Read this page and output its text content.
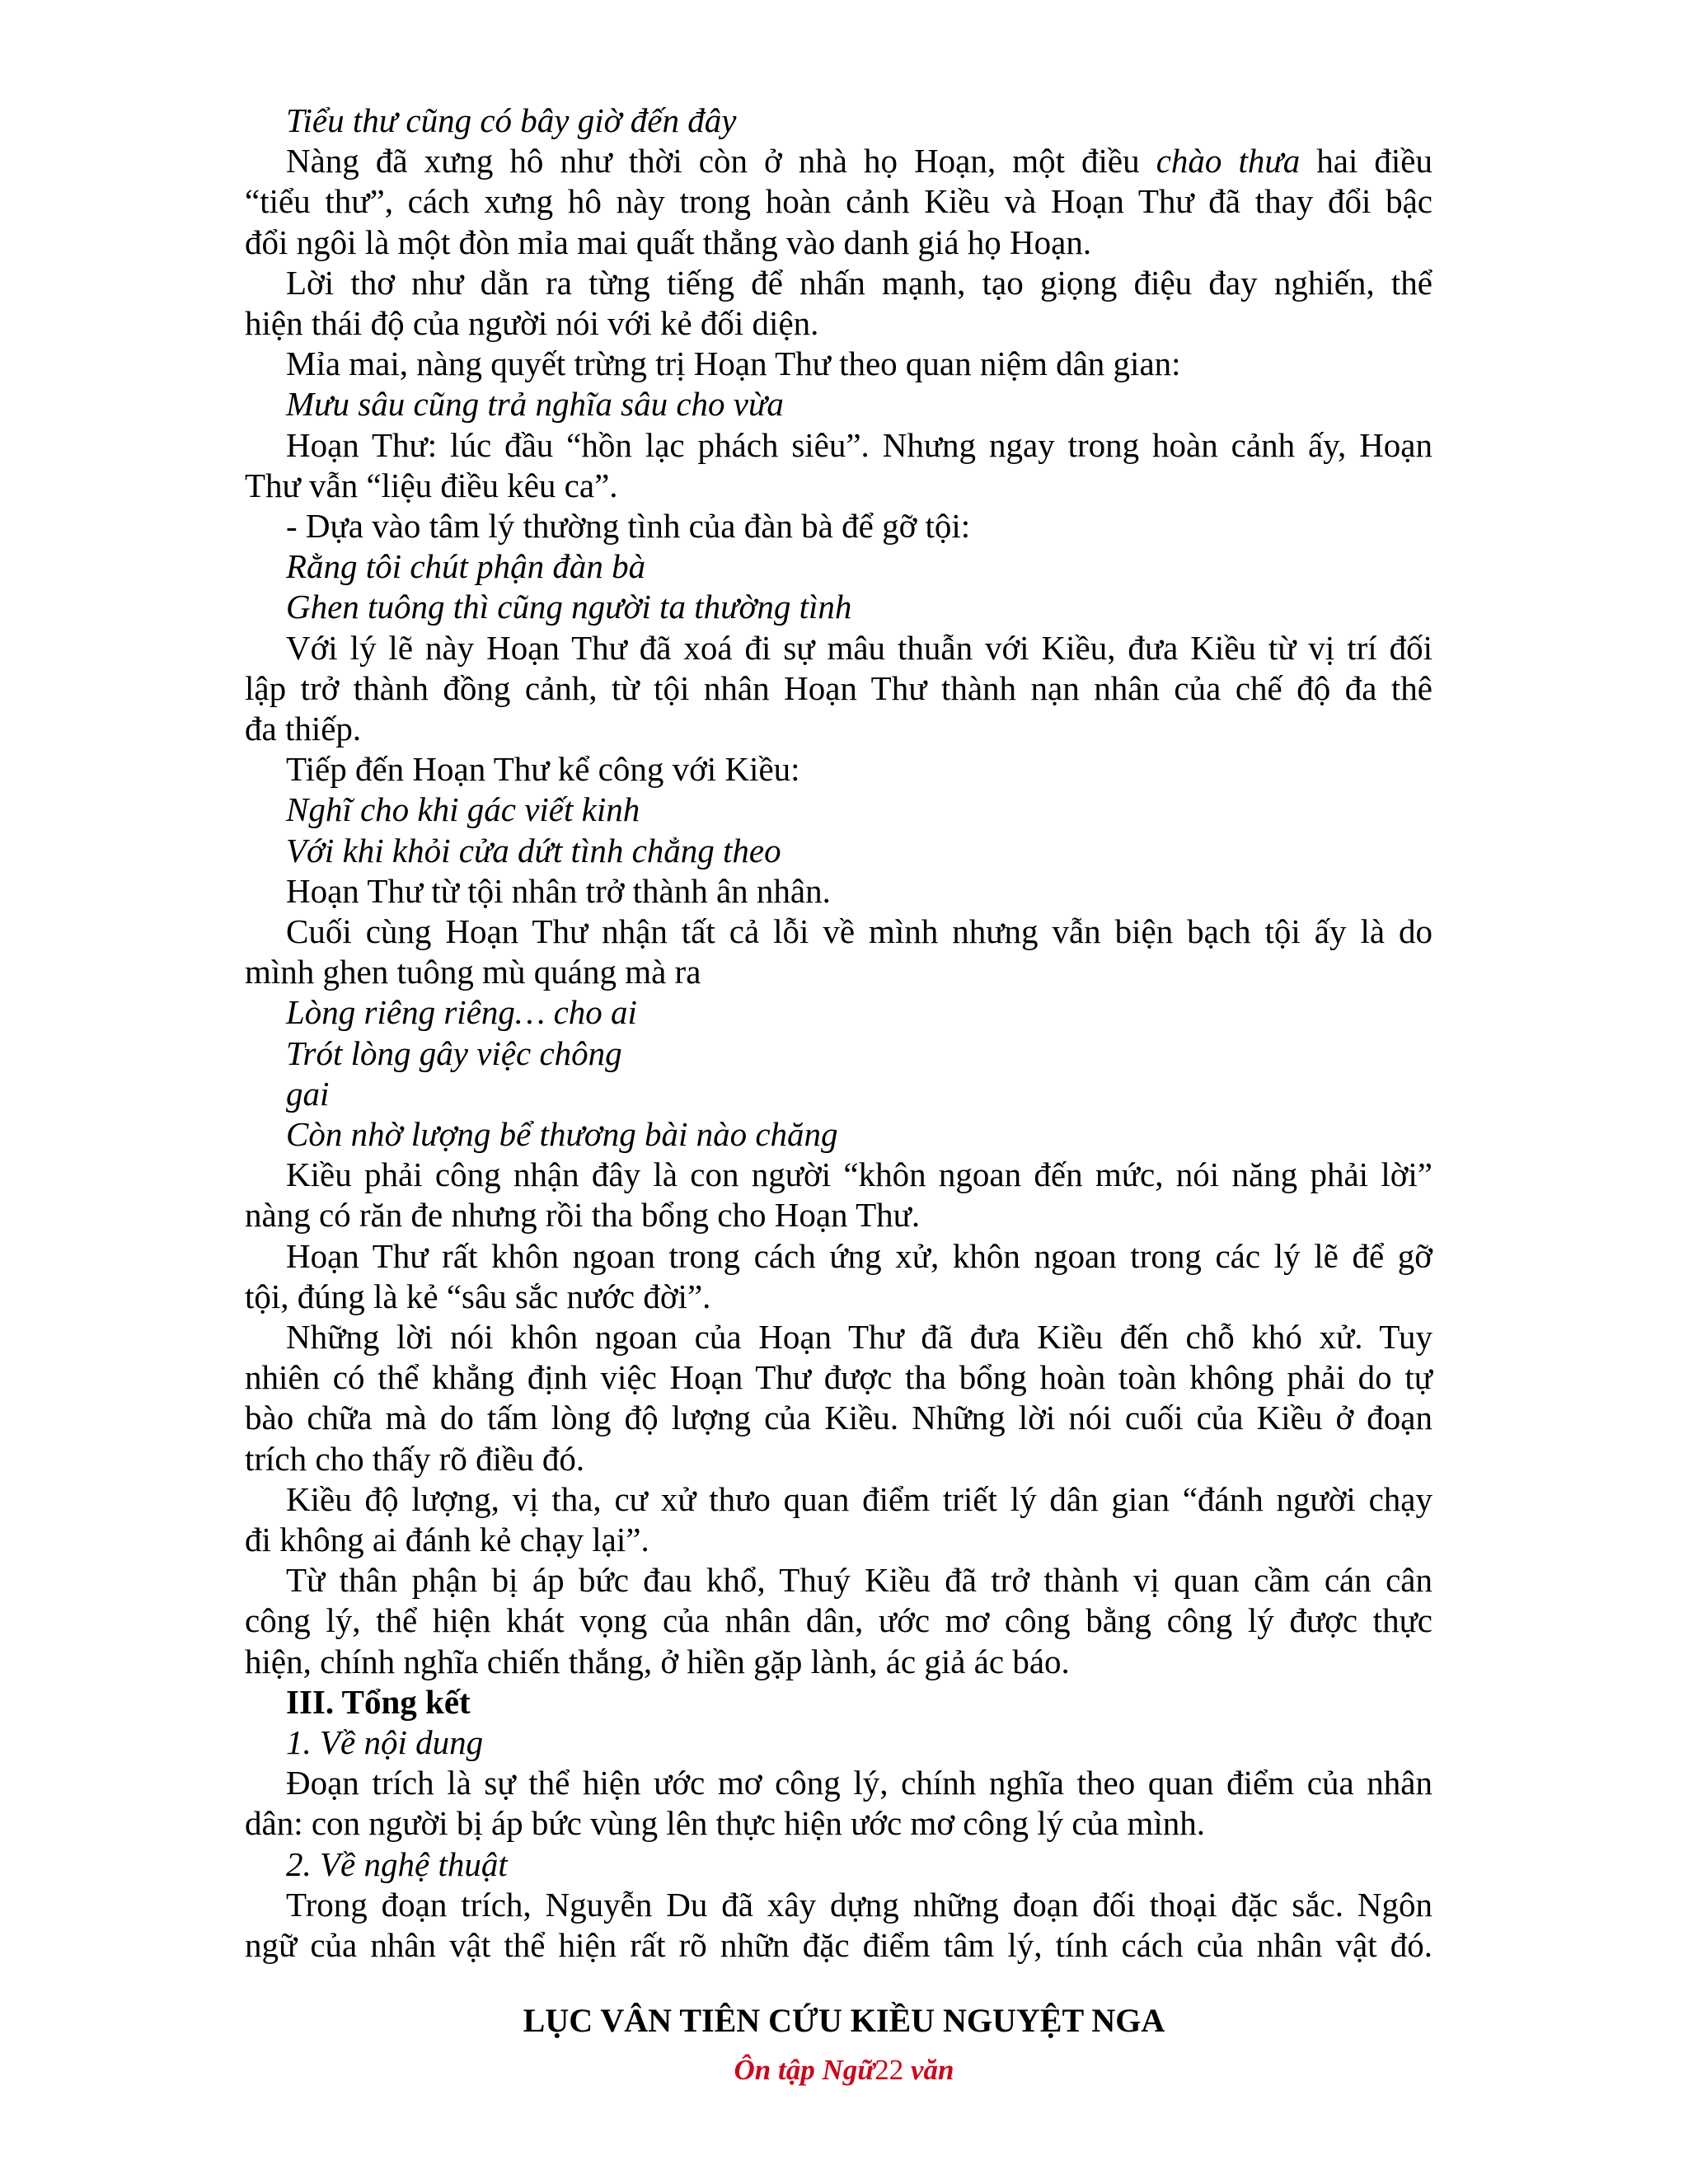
Tiểu thư cũng có bây giờ đến đây
Nàng đã xưng hô như thời còn ở nhà họ Hoạn, một điều chào thưa hai điều
“tiểu thư”, cách xưng hô này trong hoàn cảnh Kiều và Hoạn Thư đã thay đổi bậc
đổi ngôi là một đòn mỉa mai quất thẳng vào danh giá họ Hoạn.
Lời thơ như dằn ra từng tiếng để nhấn mạnh, tạo giọng điệu đay nghiến, thể
hiện thái độ của người nói với kẻ đối diện.
Mỉa mai, nàng quyết trừng trị Hoạn Thư theo quan niệm dân gian:
Mưu sâu cũng trả nghĩa sâu cho vừa
Hoạn Thư: lúc đầu “hồn lạc phách siêu”. Nhưng ngay trong hoàn cảnh ấy, Hoạn
Thư vẫn “liệu điều kêu ca”.
- Dựa vào tâm lý thường tình của đàn bà để gỡ tội:
Rằng tôi chút phận đàn bà
Ghen tuông thì cũng người ta thường tình
Với lý lẽ này Hoạn Thư đã xoá đi sự mâu thuẫn với Kiều, đưa Kiều từ vị trí đối
lập trở thành đồng cảnh, từ tội nhân Hoạn Thư thành nạn nhân của chế độ đa thê
đa thiếp.
Tiếp đến Hoạn Thư kể công với Kiều:
Nghĩ cho khi gác viết kinh
Với khi khỏi cửa dứt tình chẳng theo
Hoạn Thư từ tội nhân trở thành ân nhân.
Cuối cùng Hoạn Thư nhận tất cả lỗi về mình nhưng vẫn biện bạch tội ấy là do
mình ghen tuông mù quáng mà ra
Lòng riêng riêng… cho ai
Trót lòng gây việc chông
gai
Còn nhờ lượng bể thương bài nào chăng
Kiều phải công nhận đây là con người “khôn ngoan đến mức, nói năng phải lời”
nàng có răn đe nhưng rồi tha bổng cho Hoạn Thư.
Hoạn Thư rất khôn ngoan trong cách ứng xử, khôn ngoan trong các lý lẽ để gỡ
tội, đúng là kẻ “sâu sắc nước đời”.
Những lời nói khôn ngoan của Hoạn Thư đã đưa Kiều đến chỗ khó xử. Tuy
nhiên có thể khẳng định việc Hoạn Thư được tha bổng hoàn toàn không phải do tự
bào chữa mà do tấm lòng độ lượng của Kiều. Những lời nói cuối của Kiều ở đoạn
trích cho thấy rõ điều đó.
Kiều độ lượng, vị tha, cư xử thưo quan điểm triết lý dân gian “đánh người chạy
đi không ai đánh kẻ chạy lại”.
Từ thân phận bị áp bức đau khổ, Thuý Kiều đã trở thành vị quan cầm cán cân
công lý, thể hiện khát vọng của nhân dân, ước mơ công bằng công lý được thực
hiện, chính nghĩa chiến thắng, ở hiền gặp lành, ác giả ác báo.
III. Tổng kết
1. Về nội dung
Đoạn trích là sự thể hiện ước mơ công lý, chính nghĩa theo quan điểm của nhân
dân: con người bị áp bức vùng lên thực hiện ước mơ công lý của mình.
2. Về nghệ thuật
Trong đoạn trích, Nguyễn Du đã xây dựng những đoạn đối thoại đặc sắc. Ngôn
ngữ của nhân vật thể hiện rất rõ nhữn đặc điểm tâm lý, tính cách của nhân vật đó.
LỤC VÂN TIÊN CỨU KIỀU NGUYỆT NGA
Ôn tập Ngữ22 văn
